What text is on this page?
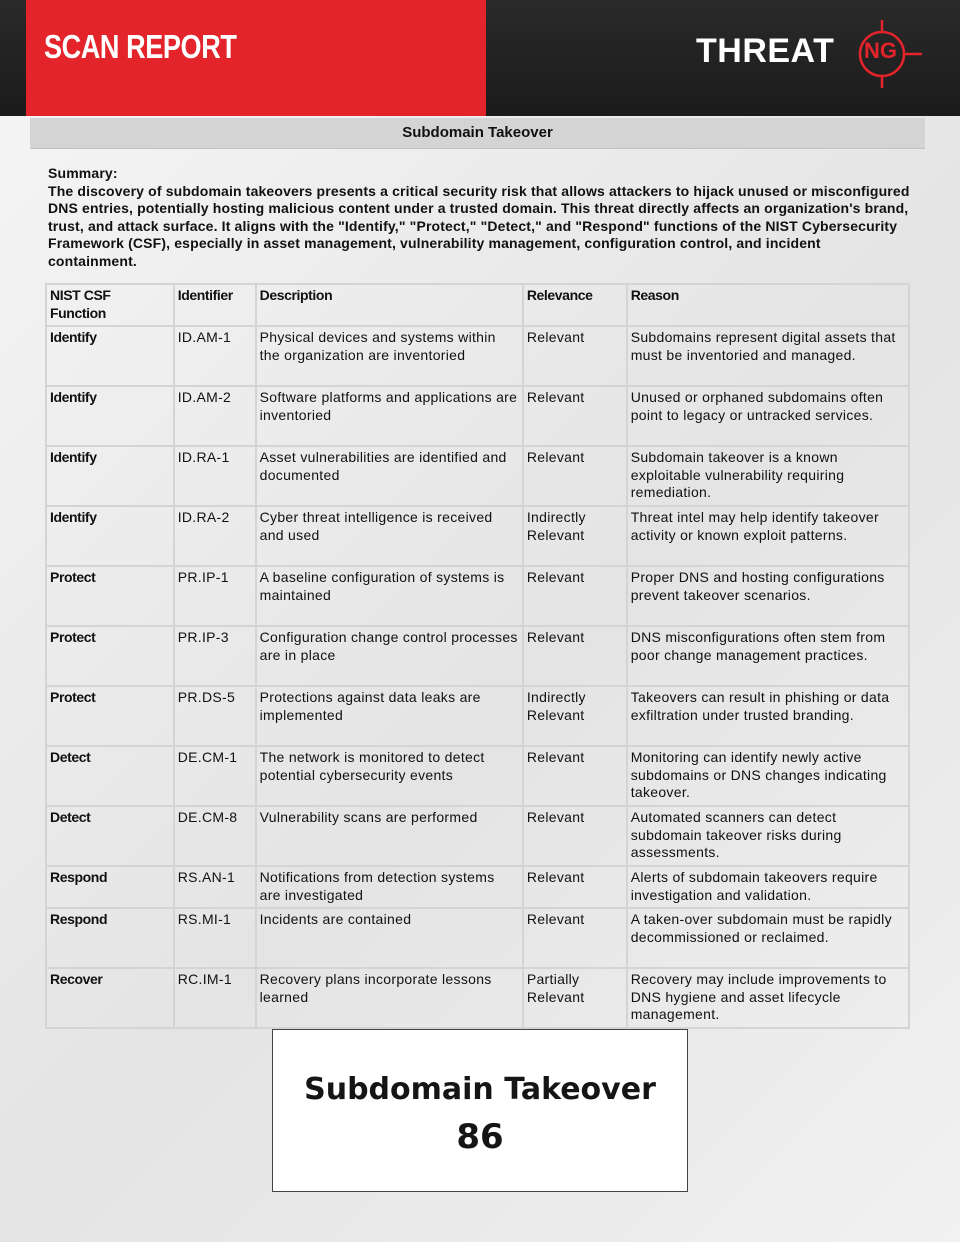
SCAN REPORT	THREAT NG
Subdomain Takeover
Summary:
The discovery of subdomain takeovers presents a critical security risk that allows attackers to hijack unused or misconfigured DNS entries, potentially hosting malicious content under a trusted domain. This threat directly affects an organization's brand, trust, and attack surface. It aligns with the "Identify," "Protect," "Detect," and "Respond" functions of the NIST Cybersecurity Framework (CSF), especially in asset management, vulnerability management, configuration control, and incident containment.
NIST CSF Function	Identifier	Description	Relevance	Reason
Identify	ID.AM-1	Physical devices and systems within the organization are inventoried	Relevant	Subdomains represent digital assets that must be inventoried and managed.
Identify	ID.AM-2	Software platforms and applications are inventoried	Relevant	Unused or orphaned subdomains often point to legacy or untracked services.
Identify	ID.RA-1	Asset vulnerabilities are identified and documented	Relevant	Subdomain takeover is a known exploitable vulnerability requiring remediation.
Identify	ID.RA-2	Cyber threat intelligence is received and used	Indirectly Relevant	Threat intel may help identify takeover activity or known exploit patterns.
Protect	PR.IP-1	A baseline configuration of systems is maintained	Relevant	Proper DNS and hosting configurations prevent takeover scenarios.
Protect	PR.IP-3	Configuration change control processes are in place	Relevant	DNS misconfigurations often stem from poor change management practices.
Protect	PR.DS-5	Protections against data leaks are implemented	Indirectly Relevant	Takeovers can result in phishing or data exfiltration under trusted branding.
Detect	DE.CM-1	The network is monitored to detect potential cybersecurity events	Relevant	Monitoring can identify newly active subdomains or DNS changes indicating takeover.
Detect	DE.CM-8	Vulnerability scans are performed	Relevant	Automated scanners can detect subdomain takeover risks during assessments.
Respond	RS.AN-1	Notifications from detection systems are investigated	Relevant	Alerts of subdomain takeovers require investigation and validation.
Respond	RS.MI-1	Incidents are contained	Relevant	A taken-over subdomain must be rapidly decommissioned or reclaimed.
Recover	RC.IM-1	Recovery plans incorporate lessons learned	Partially Relevant	Recovery may include improvements to DNS hygiene and asset lifecycle management.
Subdomain Takeover
86
